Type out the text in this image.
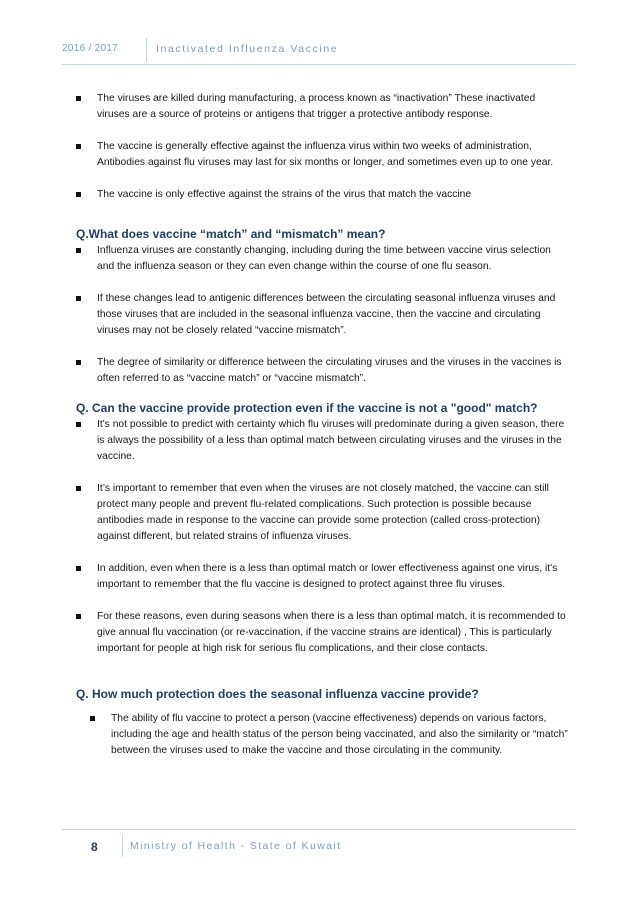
2016 / 2017	Inactivated Influenza Vaccine

The viruses are killed during manufacturing, a process known as “inactivation” These inactivated viruses are a source of proteins or antigens that trigger a protective antibody response.

The vaccine is generally effective against the influenza virus within two weeks of administration, Antibodies against flu viruses may last for six months or longer, and sometimes even up to one year.

The vaccine is only effective against the strains of the virus that match the vaccine

Q.What does vaccine “match” and “mismatch” mean?

Influenza viruses are constantly changing, including during the time between vaccine virus selection and the influenza season or they can even change within the course of one flu season.

If these changes lead to antigenic differences between the circulating seasonal influenza viruses and those viruses that are included in the seasonal influenza vaccine, then the vaccine and circulating viruses may not be closely related “vaccine mismatch”.

The degree of similarity or difference between the circulating viruses and the viruses in the vaccines is often referred to as “vaccine match” or “vaccine mismatch”.

Q. Can the vaccine provide protection even if the vaccine is not a "good" match?

It's not possible to predict with certainty which flu viruses will predominate during a given season, there is always the possibility of a less than optimal match between circulating viruses and the viruses in the vaccine.

It’s important to remember that even when the viruses are not closely matched, the vaccine can still protect many people and prevent flu-related complications. Such protection is possible because antibodies made in response to the vaccine can provide some protection (called cross-protection) against different, but related strains of influenza viruses.

In addition, even when there is a less than optimal match or lower effectiveness against one virus, it's important to remember that the flu vaccine is designed to protect against three flu viruses.

For these reasons, even during seasons when there is a less than optimal match, it is recommended to give annual flu vaccination (or re-vaccination, if the vaccine strains are identical) , This is particularly important for people at high risk for serious flu complications, and their close contacts.

Q. How much protection does the seasonal influenza vaccine provide?

The ability of flu vaccine to protect a person (vaccine effectiveness) depends on various factors, including the age and health status of the person being vaccinated, and also the similarity or “match” between the viruses used to make the vaccine and those circulating in the community.

8	Ministry of Health - State of Kuwait
